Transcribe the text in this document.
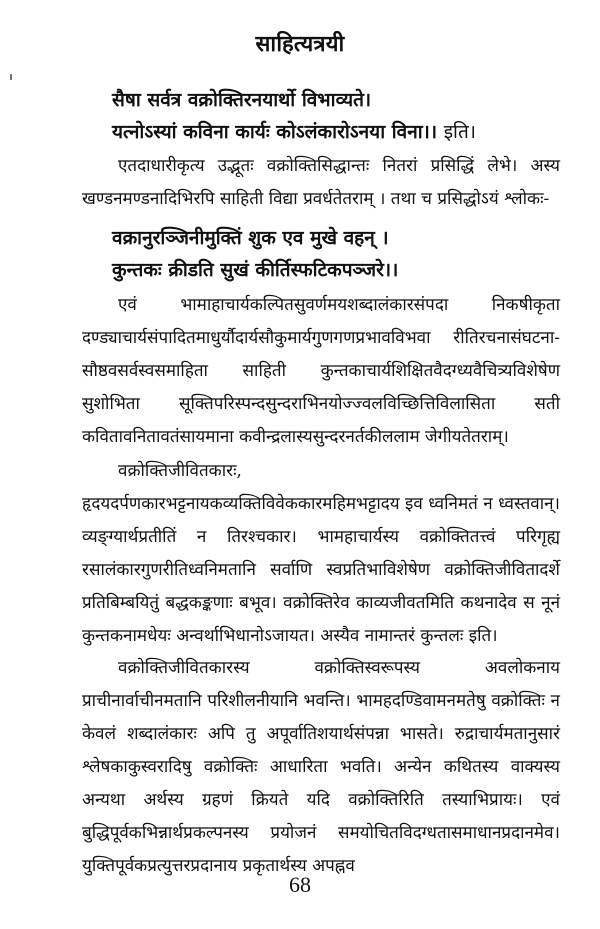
साहित्यत्रयी
सैषा सर्वत्र वक्रोक्तिरनयार्थो विभाव्यते।
यत्नोऽस्यां कविना कार्यः कोऽलंकारोऽनया विना।। इति।
एतदाधारीकृत्य उद्भूतः वक्रोक्तिसिद्धान्तः नितरां प्रसिद्धिं लेभे। अस्य खण्डनमण्डनादिभिरपि साहिती विद्या प्रवर्धतेतराम् । तथा च प्रसिद्धोऽयं श्लोकः-
वक्रानुरञ्जिनीमुक्तिं शुक एव मुखे वहन् ।
कुन्तकः क्रीडति सुखं कीर्तिस्फटिकपञ्जरे।।
एवं भामाहाचार्यकल्पितसुवर्णमयशब्दालंकारसंपदा निकषीकृता दण्ड्याचार्यसंपादितमाधुर्यौदार्यसौकुमार्यगुणगणप्रभावविभवा रीतिरचनासंघटना- सौष्ठवसर्वस्वसमाहिता साहिती कुन्तकाचार्यशिक्षितवैदग्ध्यवैचित्र्यविशेषेण सुशोभिता सूक्तिपरिस्पन्दसुन्दराभिनयोज्ज्वलविच्छित्तिविलासिता सती कवितावनितावतंसायमाना कवीन्द्रलास्यसुन्दरनर्तकीललाम जेगीयतेतराम्।
वक्रोक्तिजीवितकारः, हृदयदर्पणकारभट्टनायकव्यक्तिविवेककारमहिमभट्टादय इव ध्वनिमतं न ध्वस्तवान्। व्यङ्ग्यार्थप्रतीतिं न तिरश्चकार। भामहाचार्यस्य वक्रोक्तितत्त्वं परिगृह्य रसालंकारगुणरीतिध्वनिमतानि सर्वाणि स्वप्रतिभाविशेषेण वक्रोक्तिजीवितादर्शे प्रतिबिम्बयितुं बद्धकङ्कणाः बभूव। वक्रोक्तिरेव काव्यजीवतमिति कथनादेव स नूनं कुन्तकनामधेयः अन्वर्थाभिधानोऽजायत। अस्यैव नामान्तरं कुन्तलः इति।
वक्रोक्तिजीवितकारस्य वक्रोक्तिस्वरूपस्य अवलोकनाय प्राचीनार्वाचीनमतानि परिशीलनीयानि भवन्ति। भामहदण्डिवामनमतेषु वक्रोक्तिः न केवलं शब्दालंकारः अपि तु अपूर्वातिशयार्थसंपन्ना भासते। रुद्राचार्यमतानुसारं श्लेषकाकुस्वरादिषु वक्रोक्तिः आधारिता भवति। अन्येन कथितस्य वाक्यस्य अन्यथा अर्थस्य ग्रहणं क्रियते यदि वक्रोक्तिरिति तस्याभिप्रायः। एवं बुद्धिपूर्वकभिन्नार्थप्रकल्पनस्य प्रयोजनं समयोचितविदग्धतासमाधानप्रदानमेव। युक्तिपूर्वकप्रत्युत्तरप्रदानाय प्रकृतार्थस्य अपह्नव
68
